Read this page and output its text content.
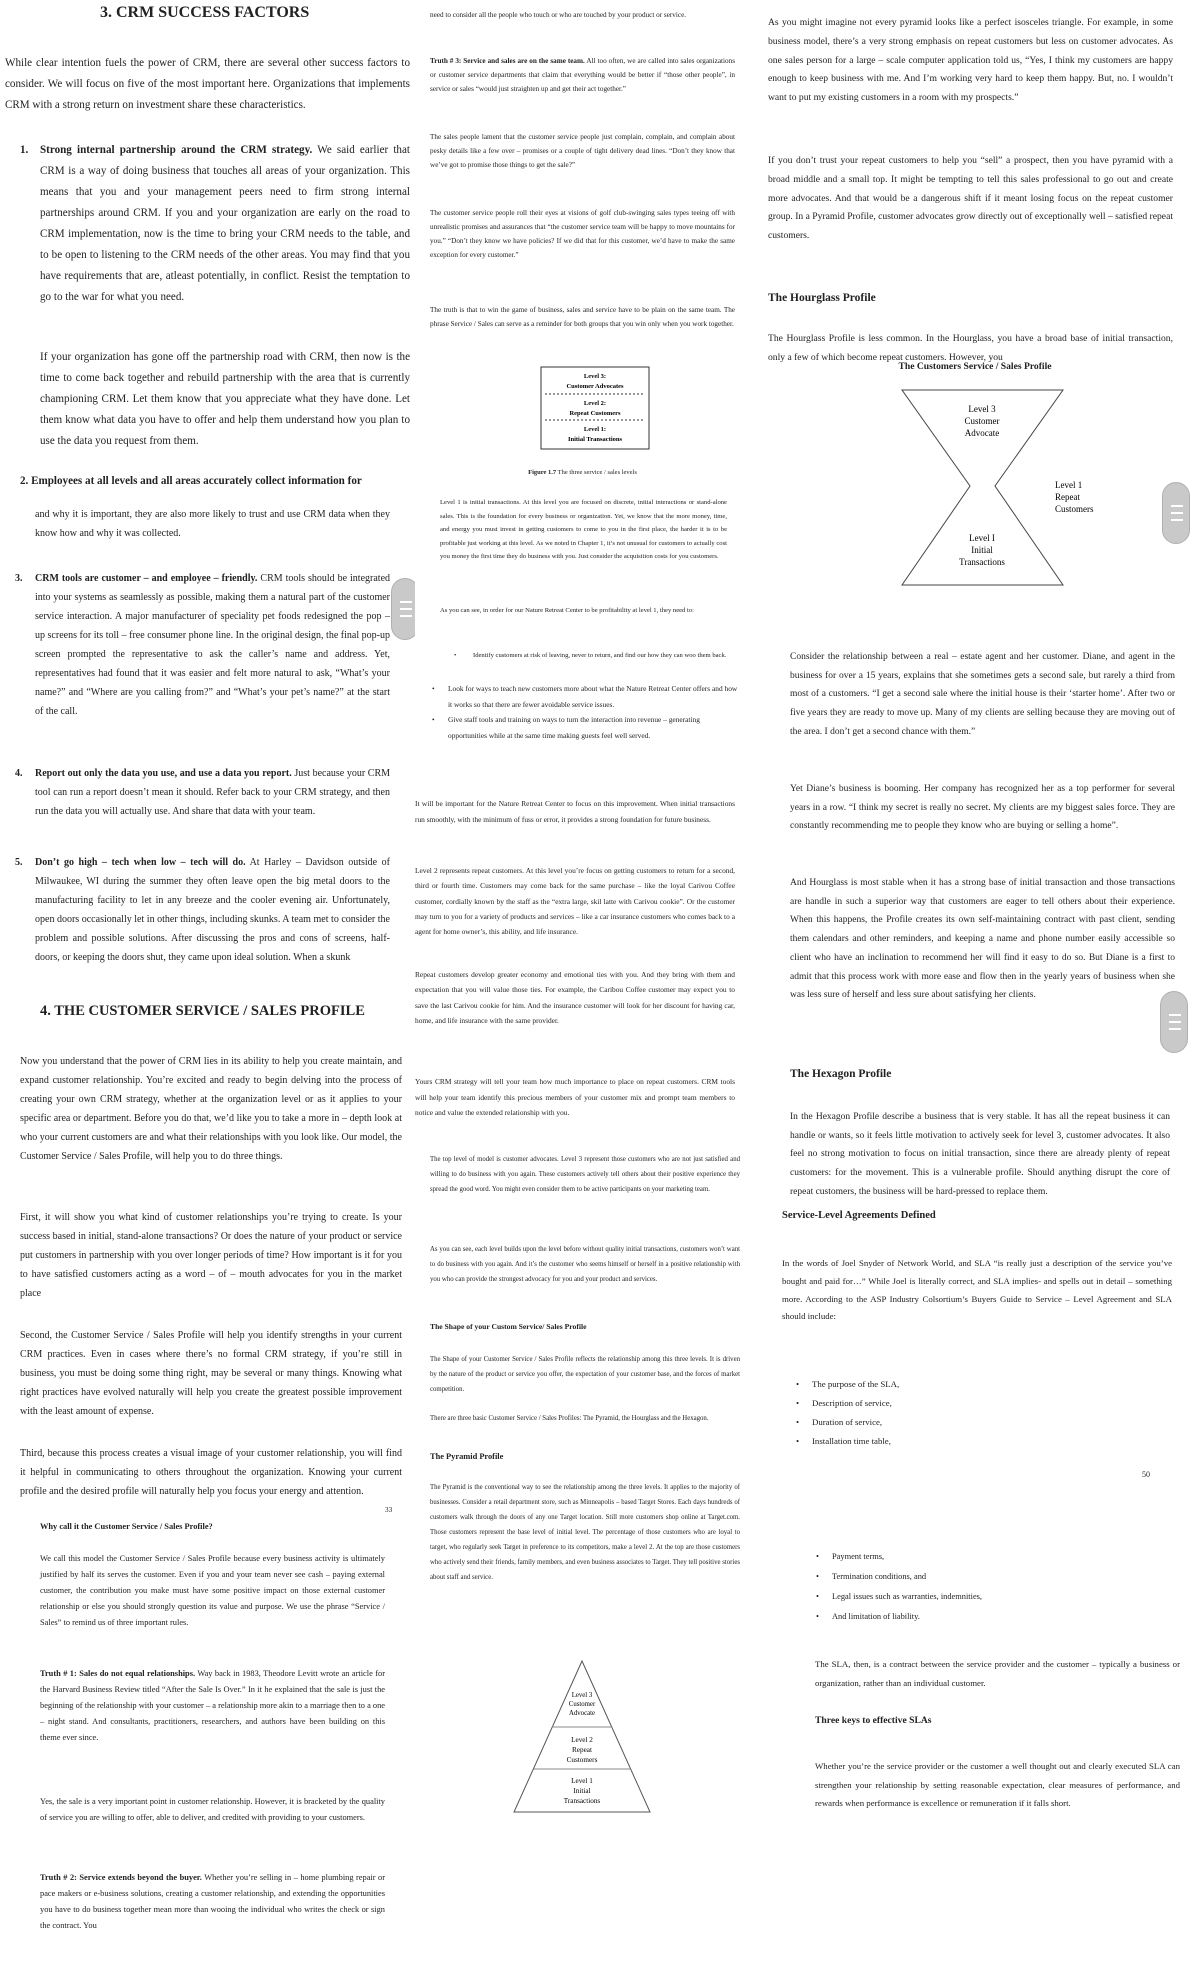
3. CRM SUCCESS FACTORS

While clear intention fuels the power of CRM, there are several other success factors to consider. We will focus on five of the most important here. Organizations that implements CRM with a strong return on investment share these characteristics.

1. Strong internal partnership around the CRM strategy. We said earlier that CRM is a way of doing business that touches all areas of your organization. This means that you and your management peers need to firm strong internal partnerships around CRM. If you and your organization are early on the road to CRM implementation, now is the time to bring your CRM needs to the table, and to be open to listening to the CRM needs of the other areas. You may find that you have requirements that are, atleast potentially, in conflict. Resist the temptation to go to the war for what you need.

If your organization has gone off the partnership road with CRM, then now is the time to come back together and rebuild partnership with the area that is currently championing CRM. Let them know that you appreciate what they have done. Let them know what data you have to offer and help them understand how you plan to use the data you request from them.

2. Employees at all levels and all areas accurately collect information for

and why it is important, they are also more likely to trust and use CRM data when they know how and why it was collected.

3. CRM tools are customer – and employee – friendly. CRM tools should be integrated into your systems as seamlessly as possible, making them a natural part of the customer service interaction. A major manufacturer of speciality pet foods redesigned the pop – up screens for its toll – free consumer phone line. In the original design, the final pop-up screen prompted the representative to ask the caller’s name and address. Yet, representatives had found that it was easier and felt more natural to ask, “What’s your name?” and “Where are you calling from?” and “What’s your pet’s name?” at the start of the call.
4. Report out only the data you use, and use a data you report. Just because your CRM tool can run a report doesn’t mean it should. Refer back to your CRM strategy, and then run the data you will actually use. And share that data with your team.
5. Don’t go high – tech when low – tech will do. At Harley – Davidson outside of Milwaukee, WI during the summer they often leave open the big metal doors to the manufacturing facility to let in any breeze and the cooler evening air. Unfortunately, open doors occasionally let in other things, including skunks. A team met to consider the problem and possible solutions. After discussing the pros and cons of screens, half-doors, or keeping the doors shut, they came upon ideal solution. When a skunk
4. THE CUSTOMER SERVICE / SALES PROFILE

Now you understand that the power of CRM lies in its ability to help you create maintain, and expand customer relationship. You’re excited and ready to begin delving into the process of creating your own CRM strategy, whether at the organization level or as it applies to your specific area or department. Before you do that, we’d like you to take a more in – depth look at who your current customers are and what their relationships with you look like. Our model, the Customer Service / Sales Profile, will help you to do three things.

First, it will show you what kind of customer relationships you’re trying to create. Is your success based in initial, stand-alone transactions? Or does the nature of your product or service put customers in partnership with you over longer periods of time? How important is it for you to have satisfied customers acting as a word – of – mouth advocates for you in the market place

Second, the Customer Service / Sales Profile will help you identify strengths in your current CRM practices. Even in cases where there’s no formal CRM strategy, if you’re still in business, you must be doing some thing right, may be several or many things. Knowing what right practices have evolved naturally will help you create the greatest possible improvement with the least amount of expense.

Third, because this process creates a visual image of your customer relationship, you will find it helpful in communicating to others throughout the organization. Knowing your current profile and the desired profile will naturally help you focus your energy and attention.

33
Why call it the Customer Service / Sales Profile?

We call this model the Customer Service / Sales Profile because every business activity is ultimately justified by half its serves the customer. Even if you and your team never see cash – paying external customer, the contribution you make must have some positive impact on those external customer relationship or else you should strongly question its value and purpose. We use the phrase “Service / Sales” to remind us of three important rules.

Truth # 1: Sales do not equal relationships. Way back in 1983, Theodore Levitt wrote an article for the Harvard Business Review titled “After the Sale Is Over.” In it he explained that the sale is just the beginning of the relationship with your customer – a relationship more akin to a marriage then to a one – night stand. And consultants, practitioners, researchers, and authors have been building on this theme ever since.

Yes, the sale is a very important point in customer relationship. However, it is bracketed by the quality of service you are willing to offer, able to deliver, and credited with providing to your customers.

Truth # 2: Service extends beyond the buyer. Whether you’re selling in – home plumbing repair or pace makers or e-business solutions, creating a customer relationship, and extending the opportunities you have to do business together mean more than wooing the individual who writes the check or sign the contract. You

need to consider all the people who touch or who are touched by your product or service.

Truth # 3: Service and sales are on the same team. All too often, we are called into sales organizations or customer service departments that claim that everything would be better if “those other people”, in service or sales “would just straighten up and get their act together.”

The sales people lament that the customer service people just complain, complain, and complain about pesky details like a few over – promises or a couple of tight delivery dead lines. “Don’t they know that we’ve got to promise those things to get the sale?”

The customer service people roll their eyes at visions of golf club-swinging sales types teeing off with unrealistic promises and assurances that “the customer service team will be happy to move mountains for you.” “Don’t they know we have policies? If we did that for this customer, we’d have to make the same exception for every customer.”

The truth is that to win the game of business, sales and service have to be plain on the same team. The phrase Service / Sales can serve as a reminder for both groups that you win only when you work together.

Level 3:
Customer Advocates
Level 2:
Repeat Customers
Level 1:
Initial Transactions
Figure 1.7 The three service / sales levels

Level 1 is initial transactions. At this level you are focused on discrete, initial interactions or stand-alone sales. This is the foundation for every business or organization. Yet, we know that the more money, time, and energy you must invest in getting customers to come to you in the first place, the harder it is to be profitable just working at this level. As we noted in Chapter 1, it’s not unusual for customers to actually cost you money the first time they do business with you. Just consider the acquisition costs for you customers.

As you can see, in order for our Nature Retreat Center to be profitability at level 1, they need to:

• Identify customers at risk of leaving, never to return, and find our how they can woo them back.
• Look for ways to teach new customers more about what the Nature Retreat Center offers and how it works so that there are fewer avoidable service issues.
• Give staff tools and training on ways to turn the interaction into revenue – generating opportunities while at the same time making guests feel well served.

It will be important for the Nature Retreat Center to focus on this improvement. When initial transactions run smoothly, with the minimum of fuss or error, it provides a strong foundation for future business.

Level 2 represents repeat customers. At this level you’re focus on getting customers to return for a second, third or fourth time. Customers may come back for the same purchase – like the loyal Carivou Coffee customer, cordially known by the staff as the “extra large, skil latte with Carivou cookie”. Or the customer may turn to you for a variety of products and services – like a car insurance customers who comes back to a agent for home owner’s, this ability, and life insurance.

Repeat customers develop greater economy and emotional ties with you. And they bring with them and expectation that you will value those ties. For example, the Caribou Coffee customer may expect you to save the last Carivou cookie for him. And the insurance customer will look for her discount for having car, home, and life insurance with the same provider.

Yours CRM strategy will tell your team how much importance to place on repeat customers. CRM tools will help your team identify this precious members of your customer mix and prompt team members to notice and value the extended relationship with you.

The top level of model is customer advocates. Level 3 represent those customers who are not just satisfied and willing to do business with you again. These customers actively tell others about their positive experience they spread the good word. You might even consider them to be active participants on your marketing team.

As you can see, each level builds upon the level before without quality initial transactions, customers won’t want to do business with you again. And it’s the customer who seems himself or herself in a positive relationship with you who can provide the strongest advocacy for you and your product and services.

The Shape of your Custom Service/ Sales Profile

The Shape of your Customer Service / Sales Profile reflects the relationship among this three levels. It is driven by the nature of the product or service you offer, the expectation of your customer base, and the forces of market competition.

There are three basic Customer Service / Sales Profiles: The Pyramid, the Hourglass and the Hexagon.

The Pyramid Profile

The Pyramid is the conventional way to see the relationship among the three levels. It applies to the majority of businesses. Consider a retail department store, such as Minneapolis – based Target Stores. Each days hundreds of customers walk through the doors of any one Target location. Still more customers shop online at Target.com. Those customers represent the base level of initial level. The percentage of those customers who are loyal to target, who regularly seek Target in preference to its competitors, make a level 2. At the top are those customers who actively send their friends, family members, and even business associates to Target. They tell positive stories about staff and service.

Level 3
Customer
Advocate
Level 2
Repeat
Customers
Level 1
Initial
Transactions

As you might imagine not every pyramid looks like a perfect isosceles triangle. For example, in some business model, there’s a very strong emphasis on repeat customers but less on customer advocates. As one sales person for a large – scale computer application told us, “Yes, I think my customers are happy enough to keep business with me. And I’m working very hard to keep them happy. But, no. I wouldn’t want to put my existing customers in a room with my prospects.”

If you don’t trust your repeat customers to help you “sell” a prospect, then you have pyramid with a broad middle and a small top. It might be tempting to tell this sales professional to go out and create more advocates. And that would be a dangerous shift if it meant losing focus on the repeat customer group. In a Pyramid Profile, customer advocates grow directly out of exceptionally well – satisfied repeat customers.

The Hourglass Profile

The Hourglass Profile is less common. In the Hourglass, you have a broad base of initial transaction, only a few of which become repeat customers. However, you

The Customers Service / Sales Profile
Level 3
Customer
Advocate
Level I
Initial
Transactions
Level 1
Repeat
Customers

Consider the relationship between a real – estate agent and her customer. Diane, and agent in the business for over a 15 years, explains that she sometimes gets a second sale, but rarely a third from most of a customers. “I get a second sale where the initial house is their ‘starter home’. After two or five years they are ready to move up. Many of my clients are selling because they are moving out of the area. I don’t get a second chance with them.”

Yet Diane’s business is booming. Her company has recognized her as a top performer for several years in a row. “I think my secret is really no secret. My clients are my biggest sales force. They are constantly recommending me to people they know who are buying or selling a home”.

And Hourglass is most stable when it has a strong base of initial transaction and those transactions are handle in such a superior way that customers are eager to tell others about their experience. When this happens, the Profile creates its own self-maintaining contract with past client, sending them calendars and other reminders, and keeping a name and phone number easily accessible so client who have an inclination to recommend her will find it easy to do so. But Diane is a first to admit that this process work with more ease and flow then in the yearly years of business when she was less sure of herself and less sure about satisfying her clients.

The Hexagon Profile

In the Hexagon Profile describe a business that is very stable. It has all the repeat business it can handle or wants, so it feels little motivation to actively seek for level 3, customer advocates. It also feel no strong motivation to focus on initial transaction, since there are already plenty of repeat customers: for the movement. This is a vulnerable profile. Should anything disrupt the core of repeat customers, the business will be hard-pressed to replace them.

Service-Level Agreements Defined

In the words of Joel Snyder of Network World, and SLA “is really just a description of the service you’ve bought and paid for…” While Joel is literally correct, and SLA implies- and spells out in detail – something more. According to the ASP Industry Colsortium’s Buyers Guide to Service – Level Agreement and SLA should include:

• The purpose of the SLA,
• Description of service,
• Duration of service,
• Installation time table,
50
• Payment terms,
• Termination conditions, and
• Legal issues such as warranties, indemnities,
• And limitation of liability.

The SLA, then, is a contract between the service provider and the customer – typically a business or organization, rather than an individual customer.

Three keys to effective SLAs

Whether you’re the service provider or the customer a well thought out and clearly executed SLA can strengthen your relationship by setting reasonable expectation, clear measures of performance, and rewards when performance is excellence or remuneration if it falls short.
